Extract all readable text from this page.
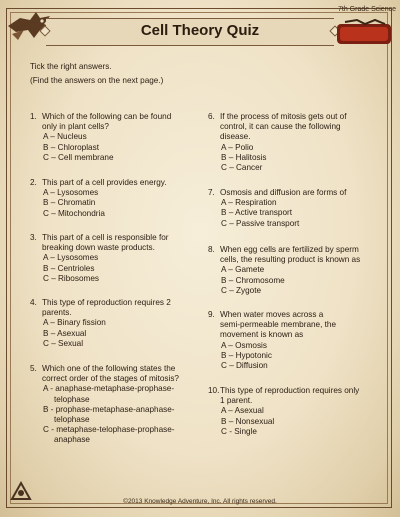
7th Grade Science
Cell Theory Quiz
Tick the right answers.
(Find the answers on the next page.)
1. Which of the following can be found
only in plant cells?
A – Nucleus
B – Chloroplast
C – Cell membrane
2. This part of a cell provides energy.
A – Lysosomes
B – Chromatin
C – Mitochondria
3. This part of a cell is responsible for
breaking down waste products.
A – Lysosomes
B – Centrioles
C – Ribosomes
4. This type of reproduction requires 2
parents.
A – Binary fission
B – Asexual
C – Sexual
5. Which one of the following states the
correct order of the stages of mitosis?
A - anaphase-metaphase-prophase-
telophase
B - prophase-metaphase-anaphase-
telophase
C - metaphase-telophase-prophase-
anaphase
6. If the process of mitosis gets out of
control, it can cause the following
disease.
A – Polio
B – Halitosis
C – Cancer
7. Osmosis and diffusion are forms of
A – Respiration
B – Active transport
C – Passive transport
8. When egg cells are fertilized by sperm
cells, the resulting product is known as
A – Gamete
B – Chromosome
C – Zygote
9. When water moves across a
semi-permeable membrane, the
movement is known as
A – Osmosis
B – Hypotonic
C – Diffusion
10. This type of reproduction requires only
1 parent.
A – Asexual
B – Nonsexual
C - Single
©2013 Knowledge Adventure, Inc. All rights reserved.
